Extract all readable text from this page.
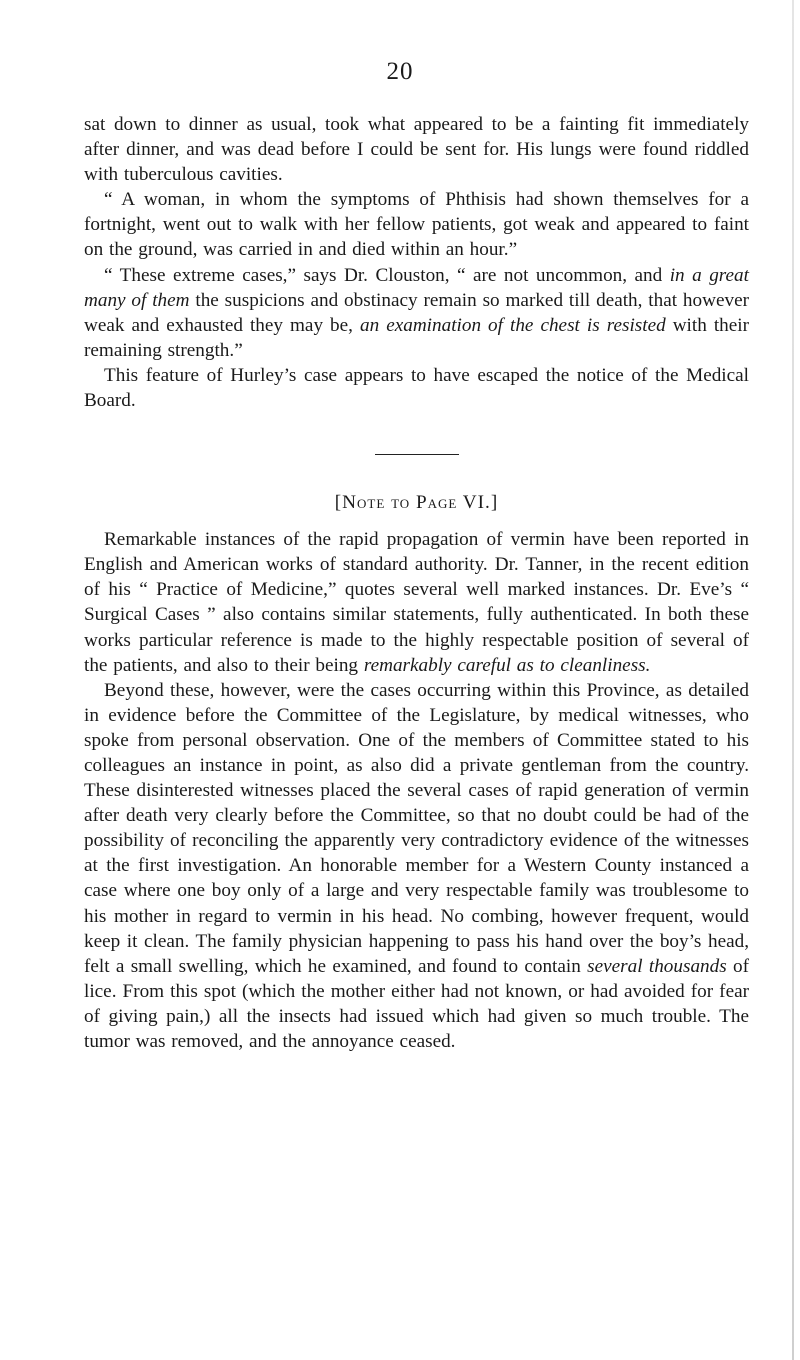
20

sat down to dinner as usual, took what appeared to be a fainting fit immediately after dinner, and was dead before I could be sent for. His lungs were found riddled with tuberculous cavities.

“ A woman, in whom the symptoms of Phthisis had shown themselves for a fortnight, went out to walk with her fellow patients, got weak and appeared to faint on the ground, was carried in and died within an hour.”

“ These extreme cases,” says Dr. Clouston, “ are not uncommon, and in a great many of them the suspicions and obstinacy remain so marked till death, that however weak and exhausted they may be, an examination of the chest is resisted with their remaining strength.”

This feature of Hurley’s case appears to have escaped the notice of the Medical Board.

[Note to Page VI.]

Remarkable instances of the rapid propagation of vermin have been reported in English and American works of standard authority. Dr. Tanner, in the recent edition of his “ Practice of Medicine,” quotes several well marked instances. Dr. Eve’s “ Surgical Cases ” also contains similar statements, fully authenticated. In both these works particular reference is made to the highly respectable position of several of the patients, and also to their being remarkably careful as to cleanliness.

Beyond these, however, were the cases occurring within this Province, as detailed in evidence before the Committee of the Legislature, by medical witnesses, who spoke from personal observation. One of the members of Committee stated to his colleagues an instance in point, as also did a private gentleman from the country. These disinterested witnesses placed the several cases of rapid generation of vermin after death very clearly before the Committee, so that no doubt could be had of the possibility of reconciling the apparently very contradictory evidence of the witnesses at the first investigation. An honorable member for a Western County instanced a case where one boy only of a large and very respectable family was troublesome to his mother in regard to vermin in his head. No combing, however frequent, would keep it clean. The family physician happening to pass his hand over the boy’s head, felt a small swelling, which he examined, and found to contain several thousands of lice. From this spot (which the mother either had not known, or had avoided for fear of giving pain,) all the insects had issued which had given so much trouble. The tumor was removed, and the annoyance ceased.
